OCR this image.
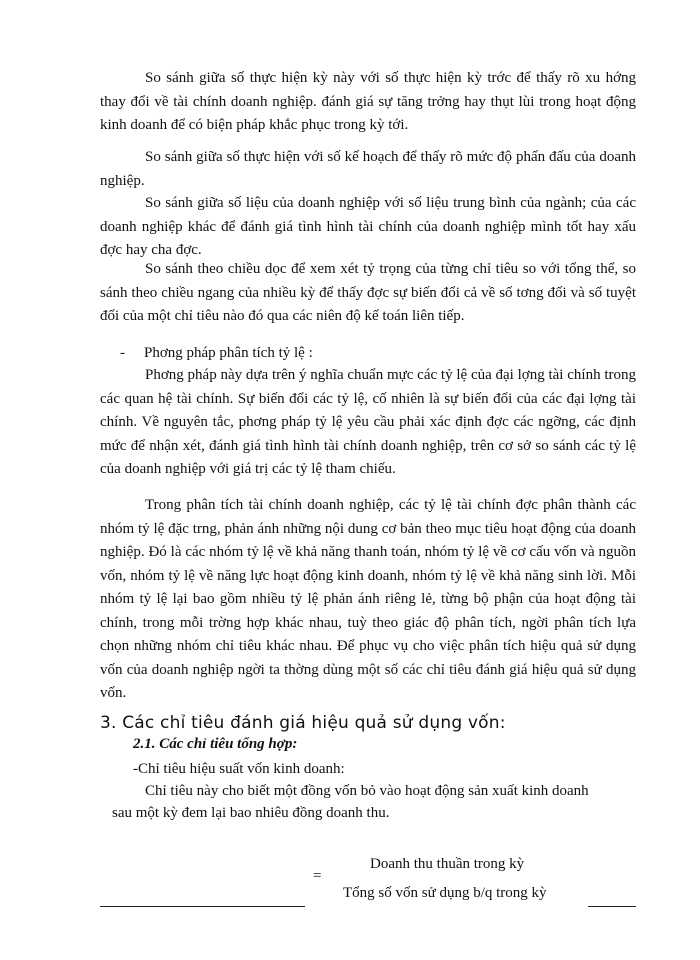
So sánh giữa số thực hiện kỳ này với số thực hiện kỳ trớc để thấy rõ xu hớng thay đổi về tài chính doanh nghiệp. đánh giá sự tăng trởng hay thụt lùi trong hoạt động kinh doanh để có biện pháp khắc phục trong kỳ tới.

So sánh giữa số thực hiện với số kế hoạch để thấy rõ mức độ phấn đấu của doanh nghiệp.

So sánh giữa số liệu của doanh nghiệp với số liệu trung bình của ngành; của các doanh nghiệp khác để đánh giá tình hình tài chính của doanh nghiệp mình tốt hay xấu đợc hay cha đợc.

So sánh theo chiều dọc để xem xét tỷ trọng của từng chỉ tiêu so với tổng thể, so sánh theo chiều ngang của nhiều kỳ để thấy đợc sự biến đổi cả về số tơng đối và số tuyệt đối của một chỉ tiêu nào đó qua các niên độ kế toán liên tiếp.

- Phơng pháp phân tích tỷ lệ :

Phơng pháp này dựa trên ý nghĩa chuẩn mực các tỷ lệ của đại lợng tài chính trong các quan hệ tài chính. Sự biến đổi các tỷ lệ, cố nhiên là sự biến đổi của các đại lợng tài chính. Về nguyên tắc, phơng pháp tỷ lệ yêu cầu phải xác định đợc các ngỡng, các định mức để nhận xét, đánh giá tình hình tài chính doanh nghiệp, trên cơ sở so sánh các tỷ lệ của doanh nghiệp với giá trị các tỷ lệ tham chiếu.

Trong phân tích tài chính doanh nghiệp, các tỷ lệ tài chính đợc phân thành các nhóm tỷ lệ đặc trng, phản ánh những nội dung cơ bản theo mục tiêu hoạt động của doanh nghiệp. Đó là các nhóm tỷ lệ về khả năng thanh toán, nhóm tỷ lệ về cơ cấu vốn và nguồn vốn, nhóm tỷ lệ về năng lực hoạt động kinh doanh, nhóm tỷ lệ về khả năng sinh lời. Mỗi nhóm tỷ lệ lại bao gồm nhiều tỷ lệ phản ánh riêng lẻ, từng bộ phận của hoạt động tài chính, trong mỗi trờng hợp khác nhau, tuỳ theo giác độ phân tích, ngời phân tích lựa chọn những nhóm chỉ tiêu khác nhau. Để phục vụ cho việc phân tích hiệu quả sử dụng vốn của doanh nghiệp ngời ta thờng dùng một số các chỉ tiêu đánh giá hiệu quả sử dụng vốn.

3. Các chỉ tiêu đánh giá hiệu quả sử dụng vốn:
2.1. Các chỉ tiêu tổng hợp:
-Chỉ tiêu hiệu suất vốn kinh doanh:
Chỉ tiêu này cho biết một đồng vốn bỏ vào hoạt động sản xuất kinh doanh
sau một kỳ đem lại bao nhiêu đồng doanh thu.
Doanh thu thuần trong kỳ
=
Tổng số vốn sử dụng b/q trong kỳ
